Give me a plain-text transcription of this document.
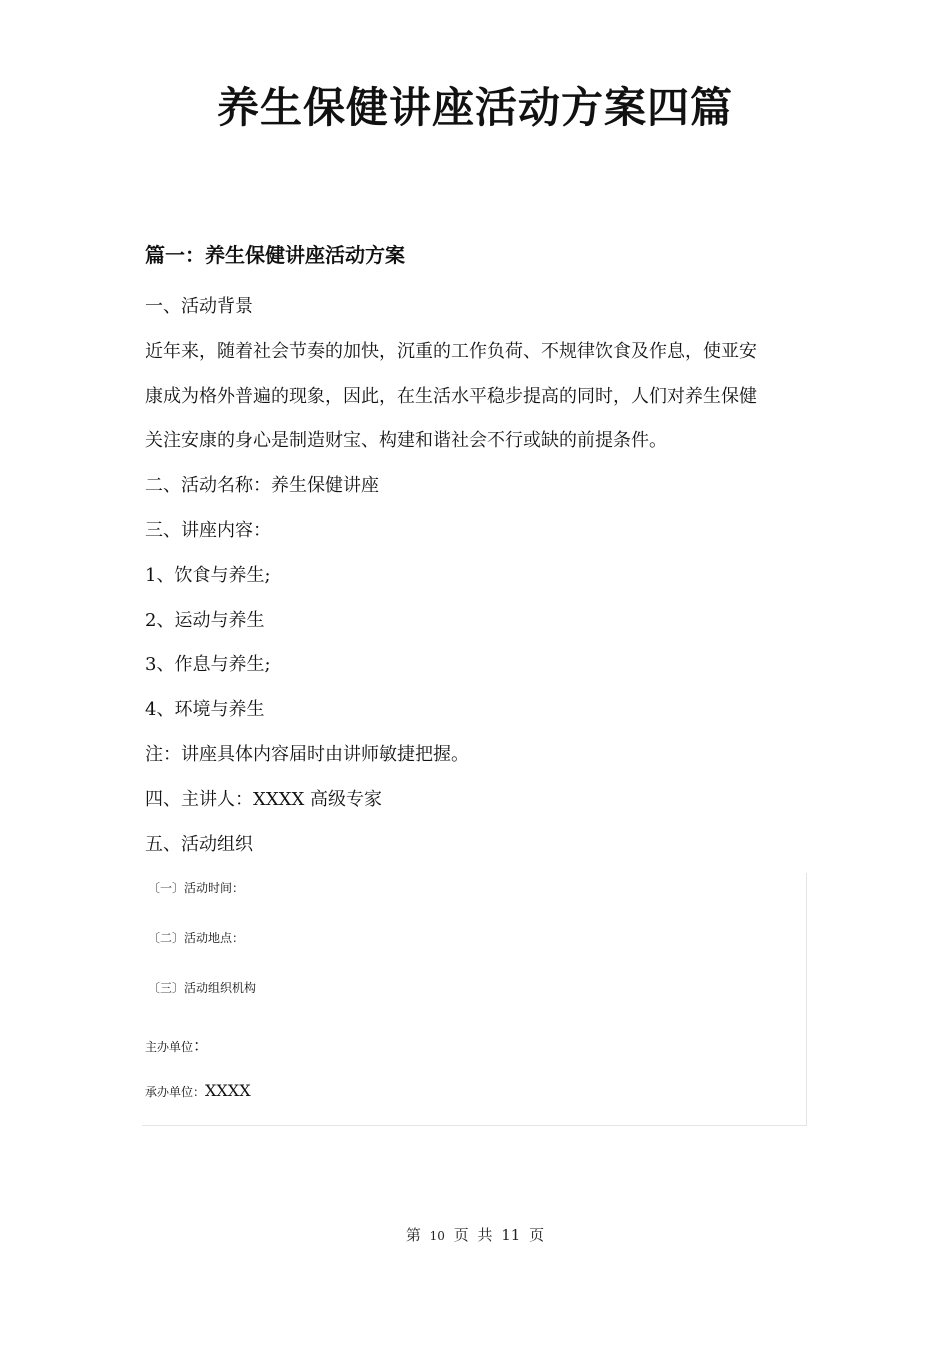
养生保健讲座活动方案四篇
篇一：养生保健讲座活动方案
一、活动背景
近年来，随着社会节奏的加快，沉重的工作负荷、不规律饮食及作息，使亚安
康成为格外普遍的现象，因此，在生活水平稳步提高的同时，人们对养生保健
关注安康的身心是制造财宝、构建和谐社会不行或缺的前提条件。
二、活动名称：养生保健讲座
三、讲座内容：
1、饮食与养生;
2、运动与养生
3、作息与养生;
4、环境与养生
注：讲座具体内容届时由讲师敏捷把握。
四、主讲人：XXXX 高级专家
五、活动组织
〔一〕活动时间：
〔二〕活动地点：
〔三〕活动组织机构
主办单位：
承办单位：XXXX
第 10 页 共 11 页
